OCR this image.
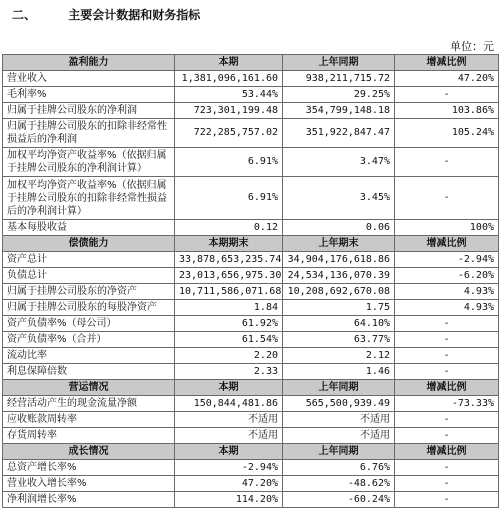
二、	主要会计数据和财务指标
单位：元
盈利能力	本期	上年同期	增减比例
营业收入	1,381,096,161.60	938,211,715.72	47.20%
毛利率%	53.44%	29.25%	-
归属于挂牌公司股东的净利润	723,301,199.48	354,799,148.18	103.86%
归属于挂牌公司股东的扣除非经常性损益后的净利润	722,285,757.02	351,922,847.47	105.24%
加权平均净资产收益率%（依据归属于挂牌公司股东的净利润计算）	6.91%	3.47%	-
加权平均净资产收益率%（依据归属于挂牌公司股东的扣除非经常性损益后的净利润计算）	6.91%	3.45%	-
基本每股收益	0.12	0.06	100%
偿债能力	本期期末	上年期末	增减比例
资产总计	33,878,653,235.74	34,904,176,618.86	-2.94%
负债总计	23,013,656,975.30	24,534,136,070.39	-6.20%
归属于挂牌公司股东的净资产	10,711,586,071.68	10,208,692,670.08	4.93%
归属于挂牌公司股东的每股净资产	1.84	1.75	4.93%
资产负债率%（母公司）	61.92%	64.10%	-
资产负债率%（合并）	61.54%	63.77%	-
流动比率	2.20	2.12	-
利息保障倍数	2.33	1.46	-
营运情况	本期	上年同期	增减比例
经营活动产生的现金流量净额	150,844,481.86	565,500,939.49	-73.33%
应收账款周转率	不适用	不适用	-
存货周转率	不适用	不适用	-
成长情况	本期	上年同期	增减比例
总资产增长率%	-2.94%	6.76%	-
营业收入增长率%	47.20%	-48.62%	-
净利润增长率%	114.20%	-60.24%	-
